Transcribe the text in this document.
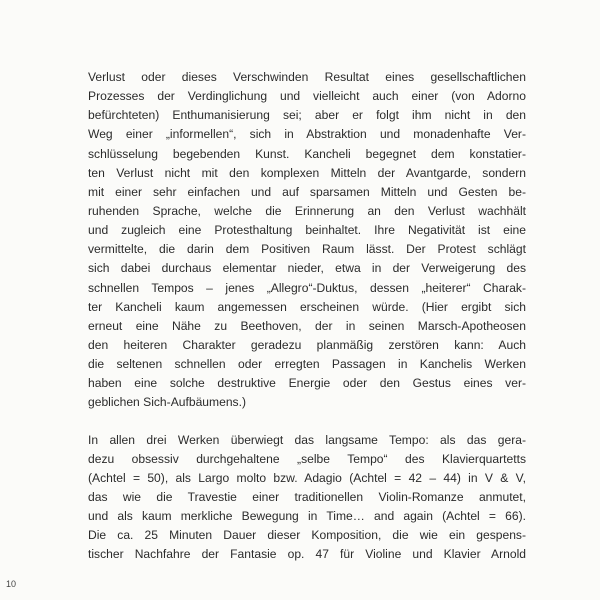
Verlust oder dieses Verschwinden Resultat eines gesellschaftlichen
Prozesses der Verdinglichung und vielleicht auch einer (von Adorno
befürchteten) Enthumanisierung sei; aber er folgt ihm nicht in den
Weg einer „informellen“, sich in Abstraktion und monadenhafte Ver-
schlüsselung begebenden Kunst. Kancheli begegnet dem konstatier-
ten Verlust nicht mit den komplexen Mitteln der Avantgarde, sondern
mit einer sehr einfachen und auf sparsamen Mitteln und Gesten be-
ruhenden Sprache, welche die Erinnerung an den Verlust wachhält
und zugleich eine Protesthaltung beinhaltet. Ihre Negativität ist eine
vermittelte, die darin dem Positiven Raum lässt. Der Protest schlägt
sich dabei durchaus elementar nieder, etwa in der Verweigerung des
schnellen Tempos – jenes „Allegro“-Duktus, dessen „heiterer“ Charak-
ter Kancheli kaum angemessen erscheinen würde. (Hier ergibt sich
erneut eine Nähe zu Beethoven, der in seinen Marsch-Apotheosen
den heiteren Charakter geradezu planmäßig zerstören kann: Auch
die seltenen schnellen oder erregten Passagen in Kanchelis Werken
haben eine solche destruktive Energie oder den Gestus eines ver-
geblichen Sich-Aufbäumens.)
In allen drei Werken überwiegt das langsame Tempo: als das gera-
dezu obsessiv durchgehaltene „selbe Tempo“ des Klavierquartetts
(Achtel = 50), als Largo molto bzw. Adagio (Achtel = 42 – 44) in V & V,
das wie die Travestie einer traditionellen Violin-Romanze anmutet,
und als kaum merkliche Bewegung in Time… and again (Achtel = 66).
Die ca. 25 Minuten Dauer dieser Komposition, die wie ein gespens-
tischer Nachfahre der Fantasie op. 47 für Violine und Klavier Arnold
10
